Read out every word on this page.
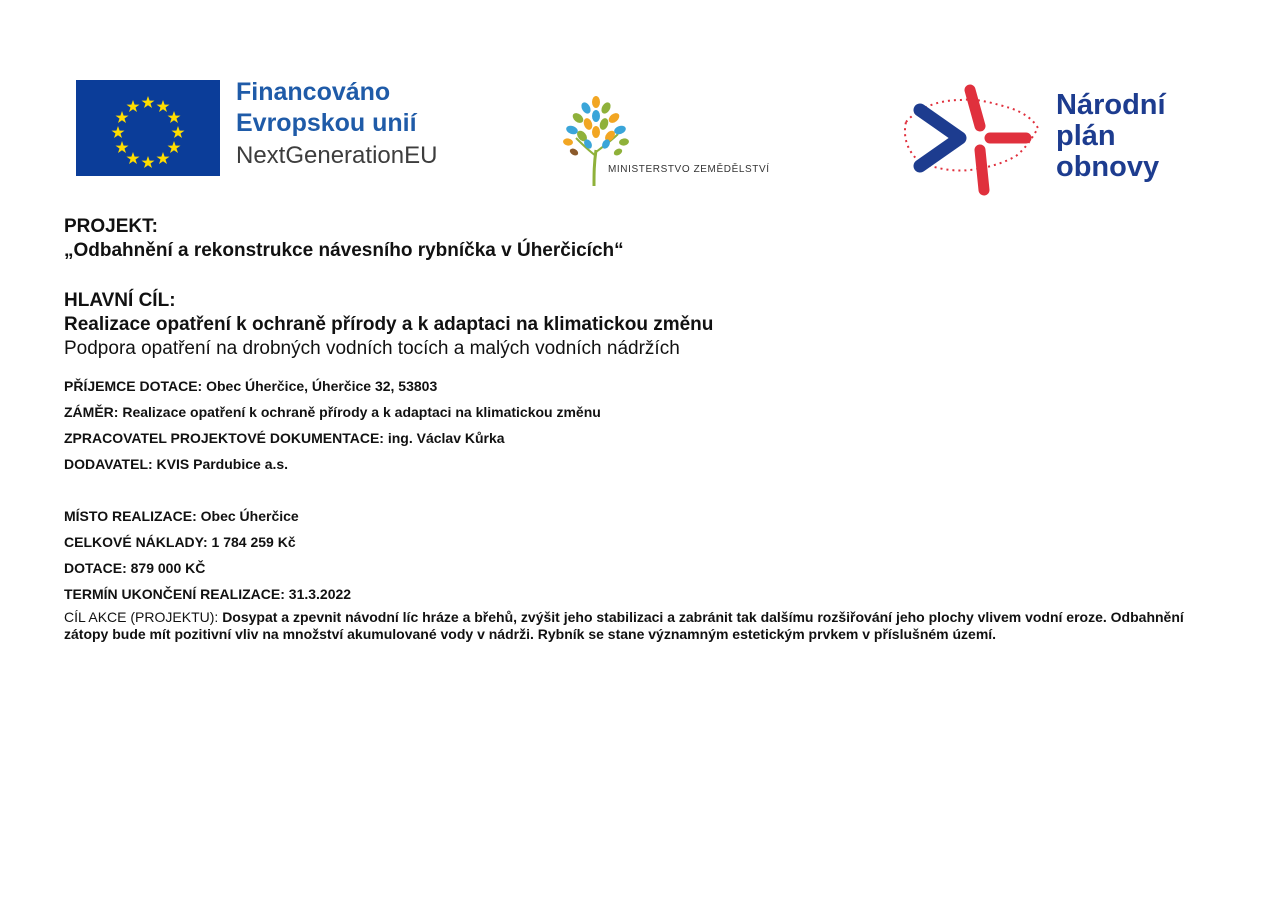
Financováno
Evropskou unií
NextGenerationEU
MINISTERSTVO ZEMĚDĚLSTVÍ
Národní
plán
obnovy
PROJEKT:
„Odbahnění a rekonstrukce návesního rybníčka v Úherčicích“
HLAVNÍ CÍL:
Realizace opatření k ochraně přírody a k adaptaci na klimatickou změnu
Podpora opatření na drobných vodních tocích a malých vodních nádržích
PŘÍJEMCE DOTACE: Obec Úherčice, Úherčice 32, 53803
ZÁMĚR: Realizace opatření k ochraně přírody a k adaptaci na klimatickou změnu
ZPRACOVATEL PROJEKTOVÉ DOKUMENTACE: ing. Václav Kůrka
DODAVATEL: KVIS Pardubice a.s.
MÍSTO REALIZACE: Obec Úherčice
CELKOVÉ NÁKLADY: 1 784 259 Kč
DOTACE: 879 000 KČ
TERMÍN UKONČENÍ REALIZACE: 31.3.2022
CÍL AKCE (PROJEKTU): Dosypat a zpevnit návodní líc hráze a břehů, zvýšit jeho stabilizaci a zabránit tak dalšímu rozšiřování jeho plochy vlivem vodní eroze. Odbahnění zátopy bude mít pozitivní vliv na množství akumulované vody v nádrži. Rybník se stane významným estetickým prvkem v příslušném území.
